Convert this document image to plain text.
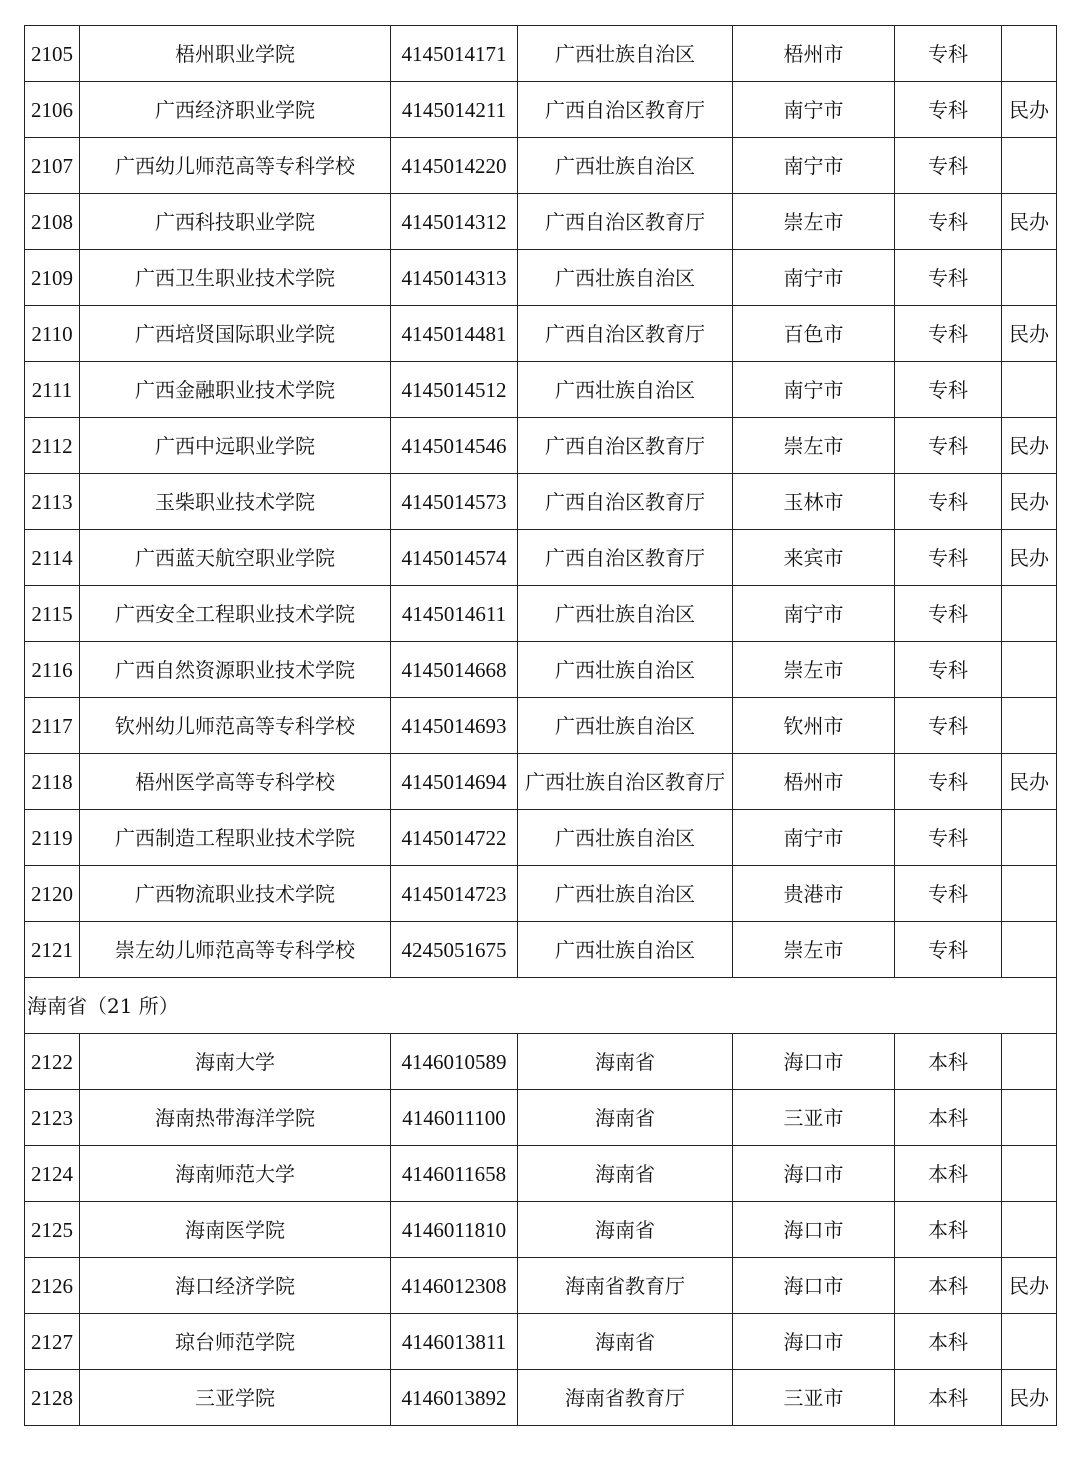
2105	梧州职业学院	4145014171	广西壮族自治区	梧州市	专科	
2106	广西经济职业学院	4145014211	广西自治区教育厅	南宁市	专科	民办
2107	广西幼儿师范高等专科学校	4145014220	广西壮族自治区	南宁市	专科	
2108	广西科技职业学院	4145014312	广西自治区教育厅	崇左市	专科	民办
2109	广西卫生职业技术学院	4145014313	广西壮族自治区	南宁市	专科	
2110	广西培贤国际职业学院	4145014481	广西自治区教育厅	百色市	专科	民办
2111	广西金融职业技术学院	4145014512	广西壮族自治区	南宁市	专科	
2112	广西中远职业学院	4145014546	广西自治区教育厅	崇左市	专科	民办
2113	玉柴职业技术学院	4145014573	广西自治区教育厅	玉林市	专科	民办
2114	广西蓝天航空职业学院	4145014574	广西自治区教育厅	来宾市	专科	民办
2115	广西安全工程职业技术学院	4145014611	广西壮族自治区	南宁市	专科	
2116	广西自然资源职业技术学院	4145014668	广西壮族自治区	崇左市	专科	
2117	钦州幼儿师范高等专科学校	4145014693	广西壮族自治区	钦州市	专科	
2118	梧州医学高等专科学校	4145014694	广西壮族自治区教育厅	梧州市	专科	民办
2119	广西制造工程职业技术学院	4145014722	广西壮族自治区	南宁市	专科	
2120	广西物流职业技术学院	4145014723	广西壮族自治区	贵港市	专科	
2121	崇左幼儿师范高等专科学校	4245051675	广西壮族自治区	崇左市	专科	
海南省（21 所）						
2122	海南大学	4146010589	海南省	海口市	本科	
2123	海南热带海洋学院	4146011100	海南省	三亚市	本科	
2124	海南师范大学	4146011658	海南省	海口市	本科	
2125	海南医学院	4146011810	海南省	海口市	本科	
2126	海口经济学院	4146012308	海南省教育厅	海口市	本科	民办
2127	琼台师范学院	4146013811	海南省	海口市	本科	
2128	三亚学院	4146013892	海南省教育厅	三亚市	本科	民办
